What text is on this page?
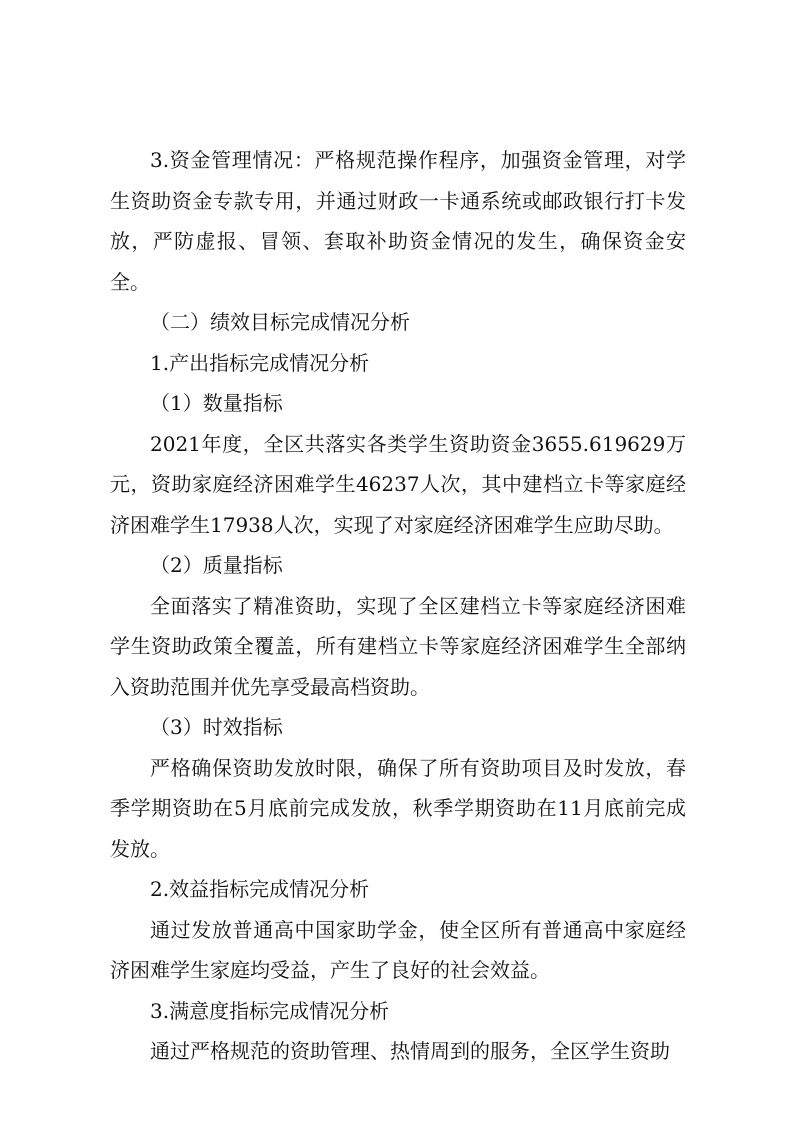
3.资金管理情况：严格规范操作程序，加强资金管理，对学生资助资金专款专用，并通过财政一卡通系统或邮政银行打卡发放，严防虚报、冒领、套取补助资金情况的发生，确保资金安全。

（二）绩效目标完成情况分析

1.产出指标完成情况分析

（1）数量指标

2021年度，全区共落实各类学生资助资金3655.619629万元，资助家庭经济困难学生46237人次，其中建档立卡等家庭经济困难学生17938人次，实现了对家庭经济困难学生应助尽助。

（2）质量指标

全面落实了精准资助，实现了全区建档立卡等家庭经济困难学生资助政策全覆盖，所有建档立卡等家庭经济困难学生全部纳入资助范围并优先享受最高档资助。

（3）时效指标

严格确保资助发放时限，确保了所有资助项目及时发放，春季学期资助在5月底前完成发放，秋季学期资助在11月底前完成发放。

2.效益指标完成情况分析

通过发放普通高中国家助学金，使全区所有普通高中家庭经济困难学生家庭均受益，产生了良好的社会效益。

3.满意度指标完成情况分析

通过严格规范的资助管理、热情周到的服务，全区学生资助
